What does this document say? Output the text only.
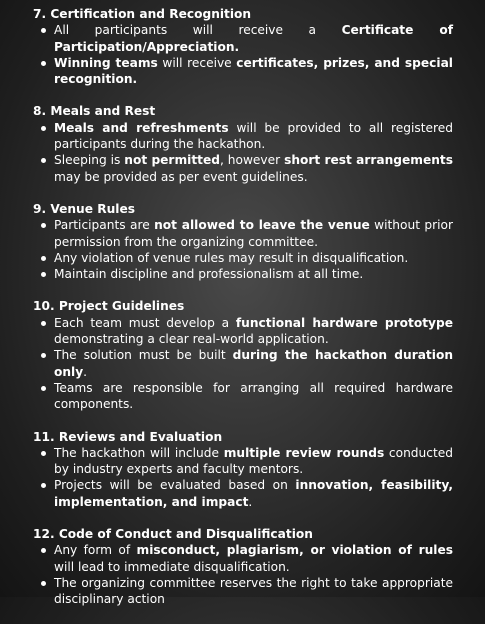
7. Certification and Recognition
All participants will receive a Certificate of Participation/Appreciation.
Winning teams will receive certificates, prizes, and special recognition.
8. Meals and Rest
Meals and refreshments will be provided to all registered participants during the hackathon.
Sleeping is not permitted, however short rest arrangements may be provided as per event guidelines.
9. Venue Rules
Participants are not allowed to leave the venue without prior permission from the organizing committee.
Any violation of venue rules may result in disqualification.
Maintain discipline and professionalism at all time.
10. Project Guidelines
Each team must develop a functional hardware prototype demonstrating a clear real-world application.
The solution must be built during the hackathon duration only.
Teams are responsible for arranging all required hardware components.
11. Reviews and Evaluation
The hackathon will include multiple review rounds conducted by industry experts and faculty mentors.
Projects will be evaluated based on innovation, feasibility, implementation, and impact.
12. Code of Conduct and Disqualification
Any form of misconduct, plagiarism, or violation of rules will lead to immediate disqualification.
The organizing committee reserves the right to take appropriate disciplinary action
